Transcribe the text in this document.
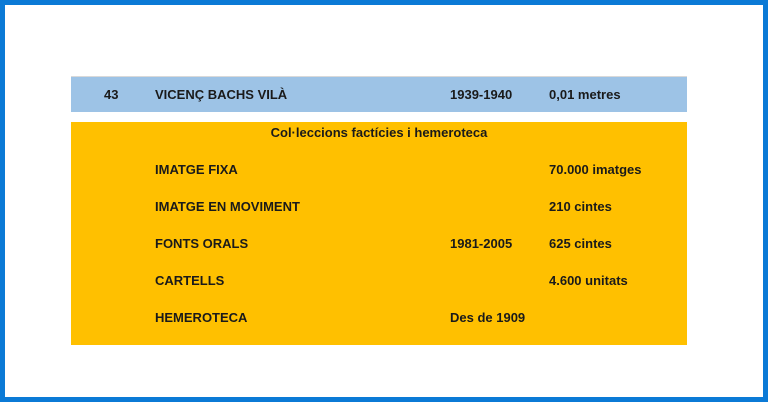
43	VICENÇ BACHS VILÀ	1939-1940	0,01 metres
Col·leccions factícies i hemeroteca
IMATGE FIXA	70.000 imatges
IMATGE EN MOVIMENT	210 cintes
FONTS ORALS	1981-2005	625 cintes
CARTELLS	4.600 unitats
HEMEROTECA	Des de 1909
